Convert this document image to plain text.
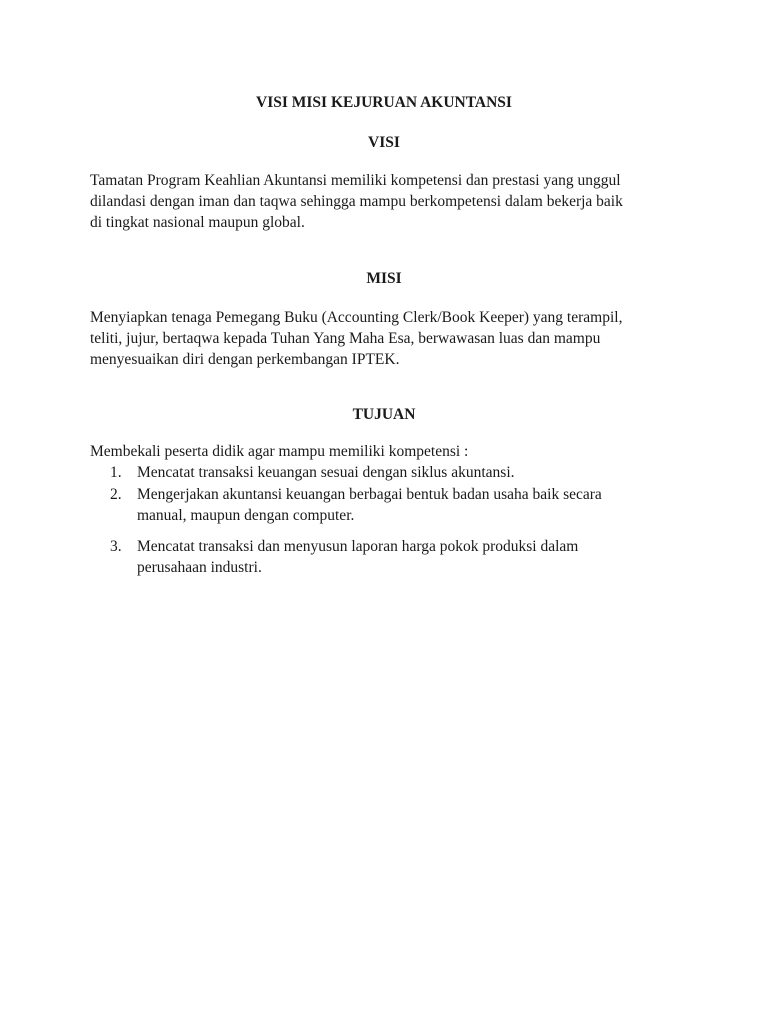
VISI MISI KEJURUAN AKUNTANSI
VISI

Tamatan Program Keahlian Akuntansi memiliki kompetensi dan prestasi yang unggul
dilandasi dengan iman dan taqwa sehingga mampu berkompetensi dalam bekerja baik
di tingkat nasional maupun global.

MISI

Menyiapkan tenaga Pemegang Buku (Accounting Clerk/Book Keeper) yang terampil,
teliti, jujur, bertaqwa kepada Tuhan Yang Maha Esa, berwawasan luas dan mampu
menyesuaikan diri dengan perkembangan IPTEK.

TUJUAN

Membekali peserta didik agar mampu memiliki kompetensi :

1. Mencatat transaksi keuangan sesuai dengan siklus akuntansi.
2. Mengerjakan akuntansi keuangan berbagai bentuk badan usaha baik secara
manual, maupun dengan computer.
3. Mencatat transaksi dan menyusun laporan harga pokok produksi dalam
perusahaan industri.
